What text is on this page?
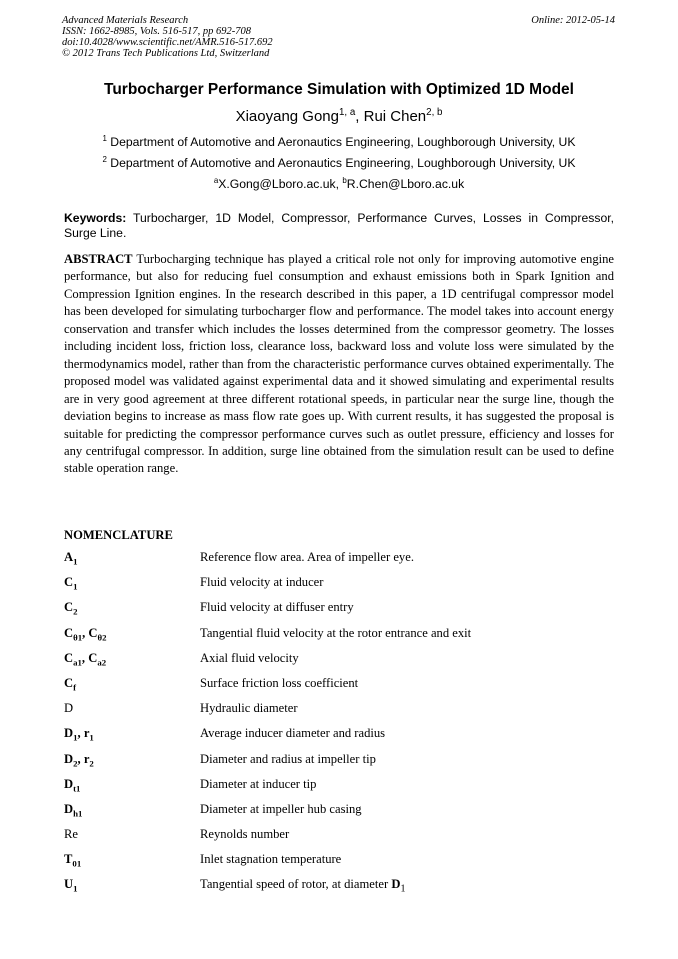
Advanced Materials Research
ISSN: 1662-8985, Vols. 516-517, pp 692-708
doi:10.4028/www.scientific.net/AMR.516-517.692
© 2012 Trans Tech Publications Ltd, Switzerland
Online: 2012-05-14
Turbocharger Performance Simulation with Optimized 1D Model
Xiaoyang Gong$^{1, a}$, Rui Chen$^{2, b}$
$^1$ Department of Automotive and Aeronautics Engineering, Loughborough University, UK
$^2$ Department of Automotive and Aeronautics Engineering, Loughborough University, UK
$^a$X.Gong@Lboro.ac.uk, $^b$R.Chen@Lboro.ac.uk
Keywords: Turbocharger, 1D Model, Compressor, Performance Curves, Losses in Compressor, Surge Line.
ABSTRACT Turbocharging technique has played a critical role not only for improving automotive engine performance, but also for reducing fuel consumption and exhaust emissions both in Spark Ignition and Compression Ignition engines. In the research described in this paper, a 1D centrifugal compressor model has been developed for simulating turbocharger flow and performance. The model takes into account energy conservation and transfer which includes the losses determined from the compressor geometry. The losses including incident loss, friction loss, clearance loss, backward loss and volute loss were simulated by the thermodynamics model, rather than from the characteristic performance curves obtained experimentally. The proposed model was validated against experimental data and it showed simulating and experimental results are in very good agreement at three different rotational speeds, in particular near the surge line, though the deviation begins to increase as mass flow rate goes up. With current results, it has suggested the proposal is suitable for predicting the compressor performance curves such as outlet pressure, efficiency and losses for any centrifugal compressor. In addition, surge line obtained from the simulation result can be used to define stable operation range.
NOMENCLATURE
$A_1$	Reference flow area. Area of impeller eye.
$C_1$	Fluid velocity at inducer
$C_2$	Fluid velocity at diffuser entry
$C_{\theta 1}$, $C_{\theta 2}$	Tangential fluid velocity at the rotor entrance and exit
$C_{a1}$, $C_{a2}$	Axial fluid velocity
$C_f$	Surface friction loss coefficient
D	Hydraulic diameter
$D_1$, $r_1$	Average inducer diameter and radius
$D_2$, $r_2$	Diameter and radius at impeller tip
$D_{t1}$	Diameter at inducer tip
$D_{h1}$	Diameter at impeller hub casing
Re	Reynolds number
$T_{01}$	Inlet stagnation temperature
$U_1$	Tangential speed of rotor, at diameter $D_1$
